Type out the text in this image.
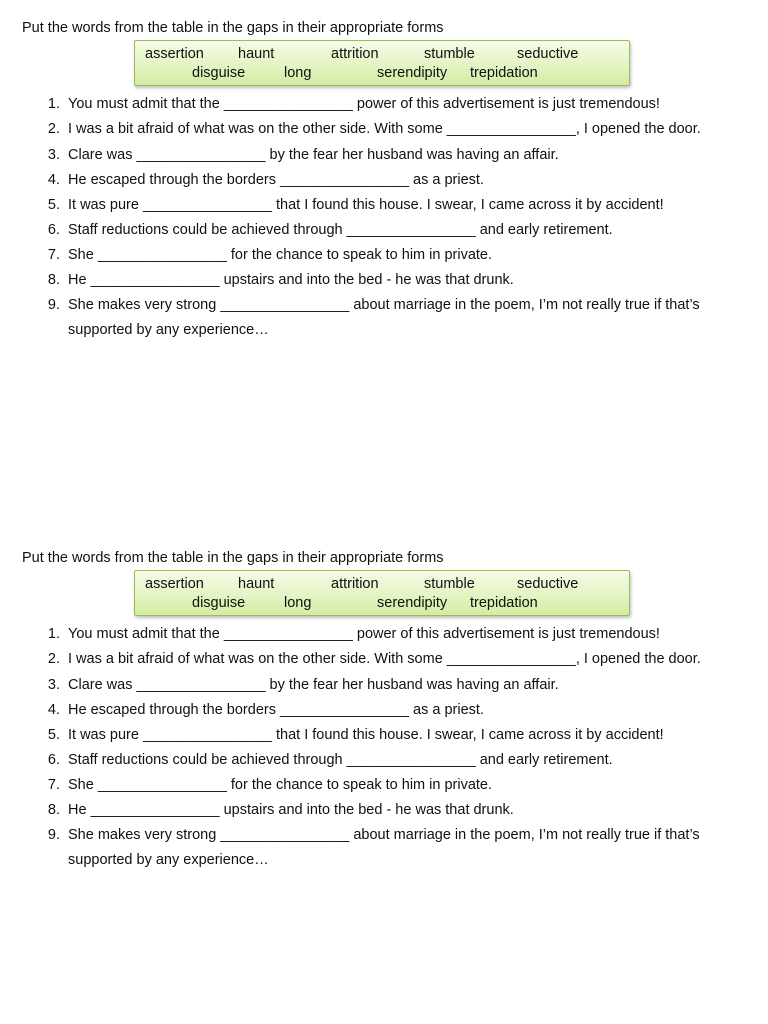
Put the words from the table in the gaps in their appropriate forms
assertion haunt	attrition	stumble	seductive
disguise	long	serendipity trepidation
1. You must admit that the ________________ power of this advertisement is just tremendous!
2. I was a bit afraid of what was on the other side. With some ________________, I opened the door.
3. Clare was ________________ by the fear her husband was having an affair.
4. He escaped through the borders ________________ as a priest.
5. It was pure ________________ that I found this house. I swear, I came across it by accident!
6. Staff reductions could be achieved through ________________ and early retirement.
7. She ________________ for the chance to speak to him in private.
8. He ________________ upstairs and into the bed - he was that drunk.
9. She makes very strong ________________ about marriage in the poem, I’m not really true if that’s
supported by any experience…
Put the words from the table in the gaps in their appropriate forms
assertion haunt	attrition	stumble	seductive
disguise	long	serendipity trepidation
1. You must admit that the ________________ power of this advertisement is just tremendous!
2. I was a bit afraid of what was on the other side. With some ________________, I opened the door.
3. Clare was ________________ by the fear her husband was having an affair.
4. He escaped through the borders ________________ as a priest.
5. It was pure ________________ that I found this house. I swear, I came across it by accident!
6. Staff reductions could be achieved through ________________ and early retirement.
7. She ________________ for the chance to speak to him in private.
8. He ________________ upstairs and into the bed - he was that drunk.
9. She makes very strong ________________ about marriage in the poem, I’m not really true if that’s
supported by any experience…
